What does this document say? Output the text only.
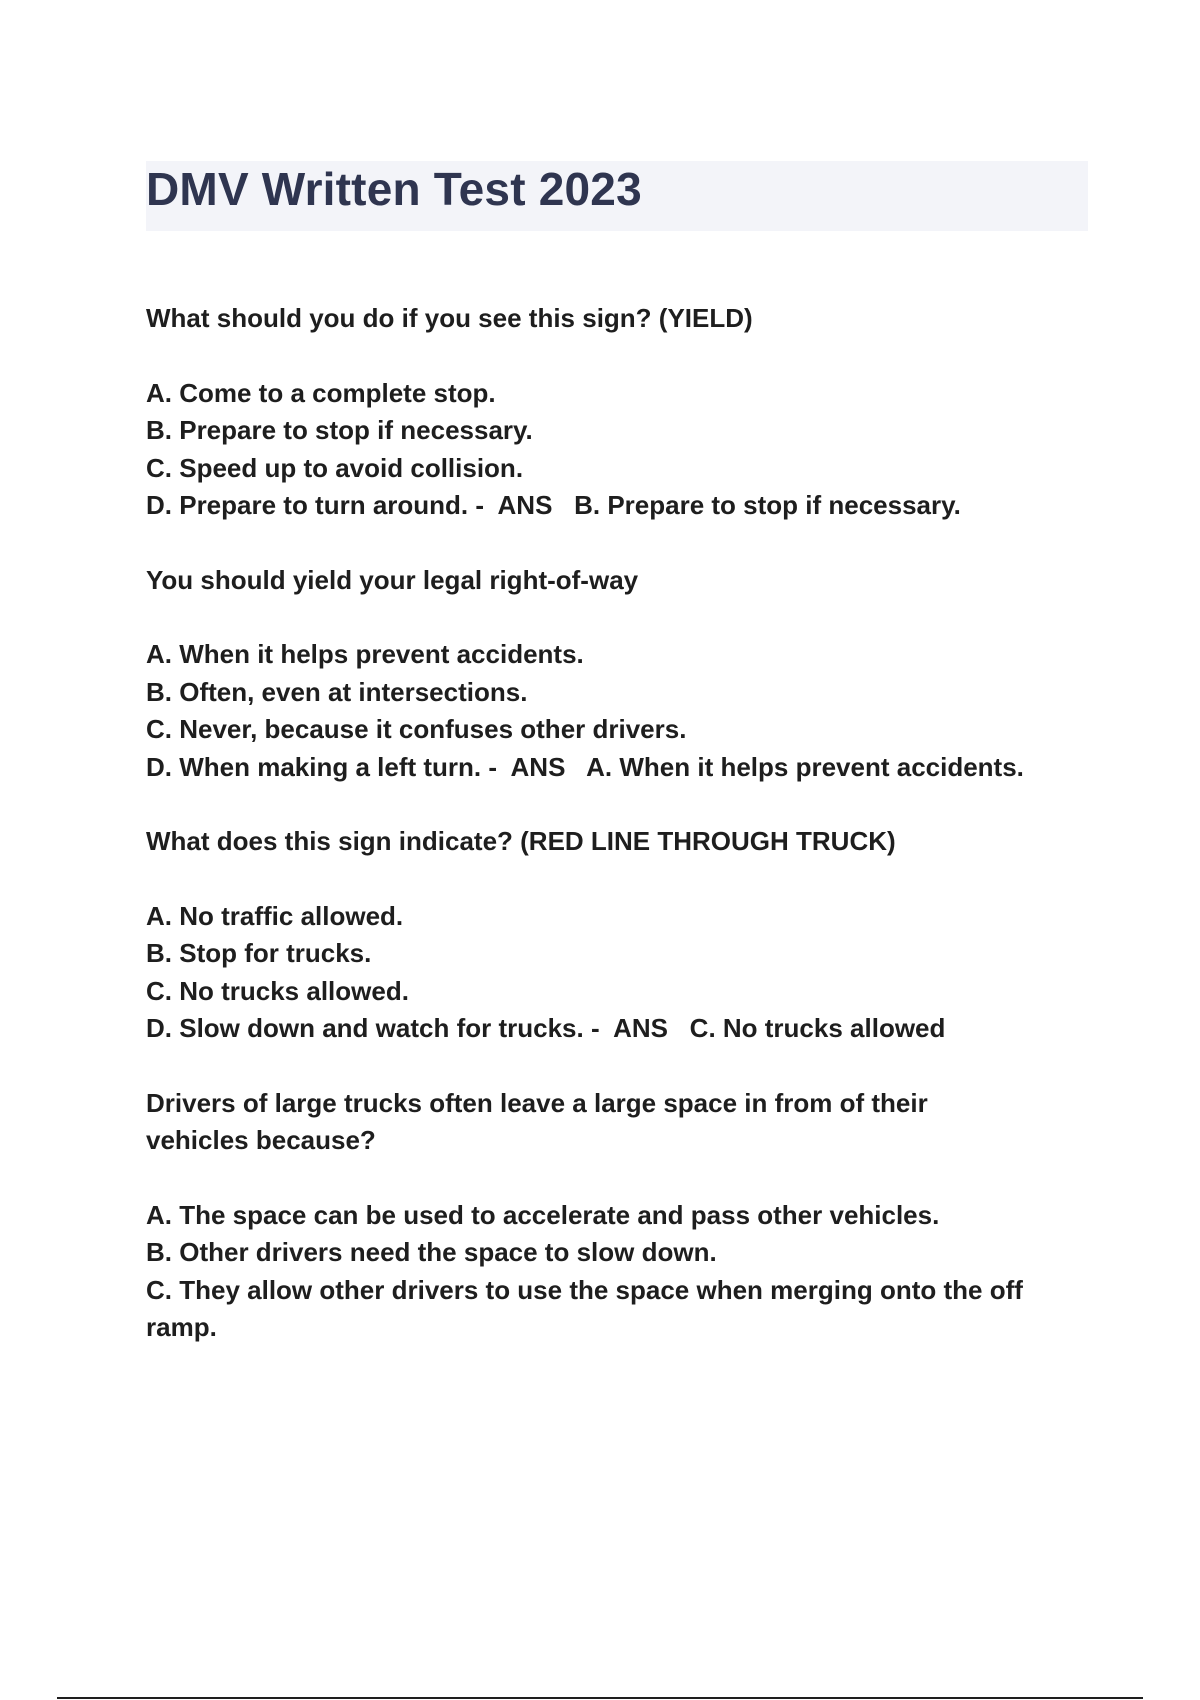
DMV Written Test 2023

What should you do if you see this sign? (YIELD)

A. Come to a complete stop.
B. Prepare to stop if necessary.
C. Speed up to avoid collision.
D. Prepare to turn around. -  ANS B. Prepare to stop if necessary.

You should yield your legal right-of-way

A. When it helps prevent accidents.
B. Often, even at intersections.
C. Never, because it confuses other drivers.
D. When making a left turn. -  ANS A. When it helps prevent accidents.

What does this sign indicate? (RED LINE THROUGH TRUCK)

A. No traffic allowed.
B. Stop for trucks.
C. No trucks allowed.
D. Slow down and watch for trucks. -  ANS C. No trucks allowed

Drivers of large trucks often leave a large space in from of their vehicles because?

A. The space can be used to accelerate and pass other vehicles.
B. Other drivers need the space to slow down.
C. They allow other drivers to use the space when merging onto the off ramp.
